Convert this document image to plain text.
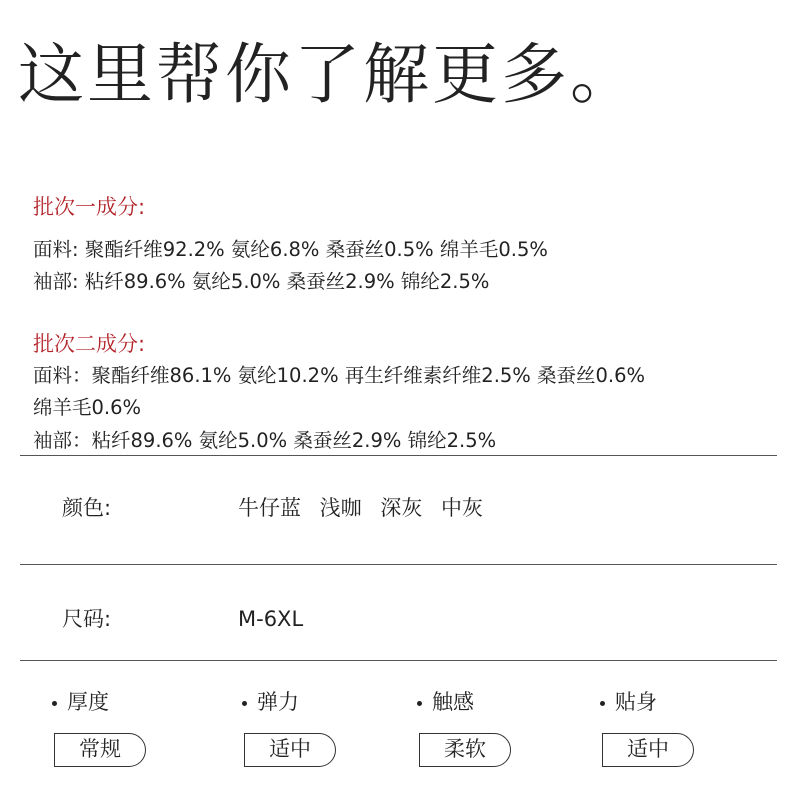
这里帮你了解更多。
批次一成分:
面料: 聚酯纤维92.2% 氨纶6.8% 桑蚕丝0.5% 绵羊毛0.5%
袖部: 粘纤89.6% 氨纶5.0% 桑蚕丝2.9% 锦纶2.5%
批次二成分:
面料：聚酯纤维86.1% 氨纶10.2% 再生纤维素纤维2.5% 桑蚕丝0.6%
绵羊毛0.6%
袖部：粘纤89.6% 氨纶5.0% 桑蚕丝2.9% 锦纶2.5%
颜色:	牛仔蓝 浅咖 深灰 中灰
尺码:	M-6XL
厚度
常规
弹力
适中
触感
柔软
贴身
适中
